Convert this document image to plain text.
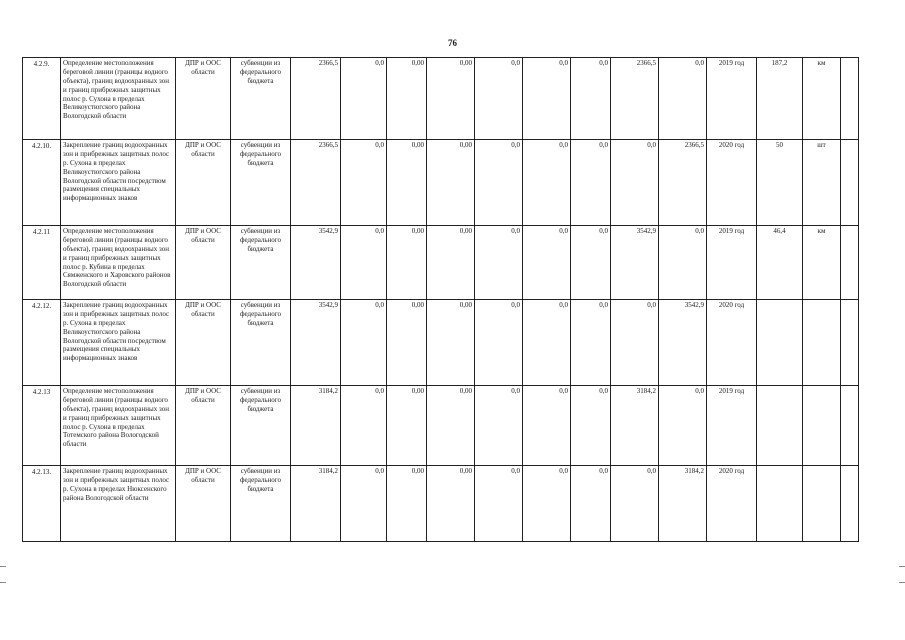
76
4.2.9.	Определение местоположения береговой линии (границы водного объекта), границ водоохранных зон и границ прибрежных защитных полос р. Сухона в пределах Великоустюгского района Вологодской области	ДПР и ООС области	субвенции из федерального бюджета	2366,5	0,0	0,00	0,00	0,0	0,0	0,0	2366,5	0,0	2019 год	187,2	км	
4.2.10.	Закрепление границ водоохранных зон и прибрежных защитных полос р. Сухона в пределах Великоустюгского района Вологодской области посредством размещения специальных информационных знаков	ДПР и ООС области	субвенции из федерального бюджета	2366,5	0,0	0,00	0,00	0,0	0,0	0,0	0,0	2366,5	2020 год	50	шт	
4.2.11	Определение местоположения береговой линии (границы водного объекта), границ водоохранных зон и границ прибрежных защитных полос р. Кубина в пределах Сямженского и Харовского районов Вологодской области	ДПР и ООС области	субвенции из федерального бюджета	3542,9	0,0	0,00	0,00	0,0	0,0	0,0	3542,9	0,0	2019 год	46,4	км	
4.2.12.	Закрепление границ водоохранных зон и прибрежных защитных полос р. Сухона в пределах Великоустюгского района Вологодской области посредством размещения специальных информационных знаков	ДПР и ООС области	субвенции из федерального бюджета	3542,9	0,0	0,00	0,00	0,0	0,0	0,0	0,0	3542,9	2020 год			
4.2.13	Определение местоположения береговой линии (границы водного объекта), границ водоохранных зон и границ прибрежных защитных полос р. Сухона в пределах Тотемского района Вологодской области	ДПР и ООС области	субвенции из федерального бюджета	3184,2	0,0	0,00	0,00	0,0	0,0	0,0	3184,2	0,0	2019 год			
4.2.13.	Закрепление границ водоохранных зон и прибрежных защитных полос р. Сухона в пределах Нюксенского района Вологодской области	ДПР и ООС области	субвенции из федерального бюджета	3184,2	0,0	0,00	0,00	0,0	0,0	0,0	0,0	3184,2	2020 год			
